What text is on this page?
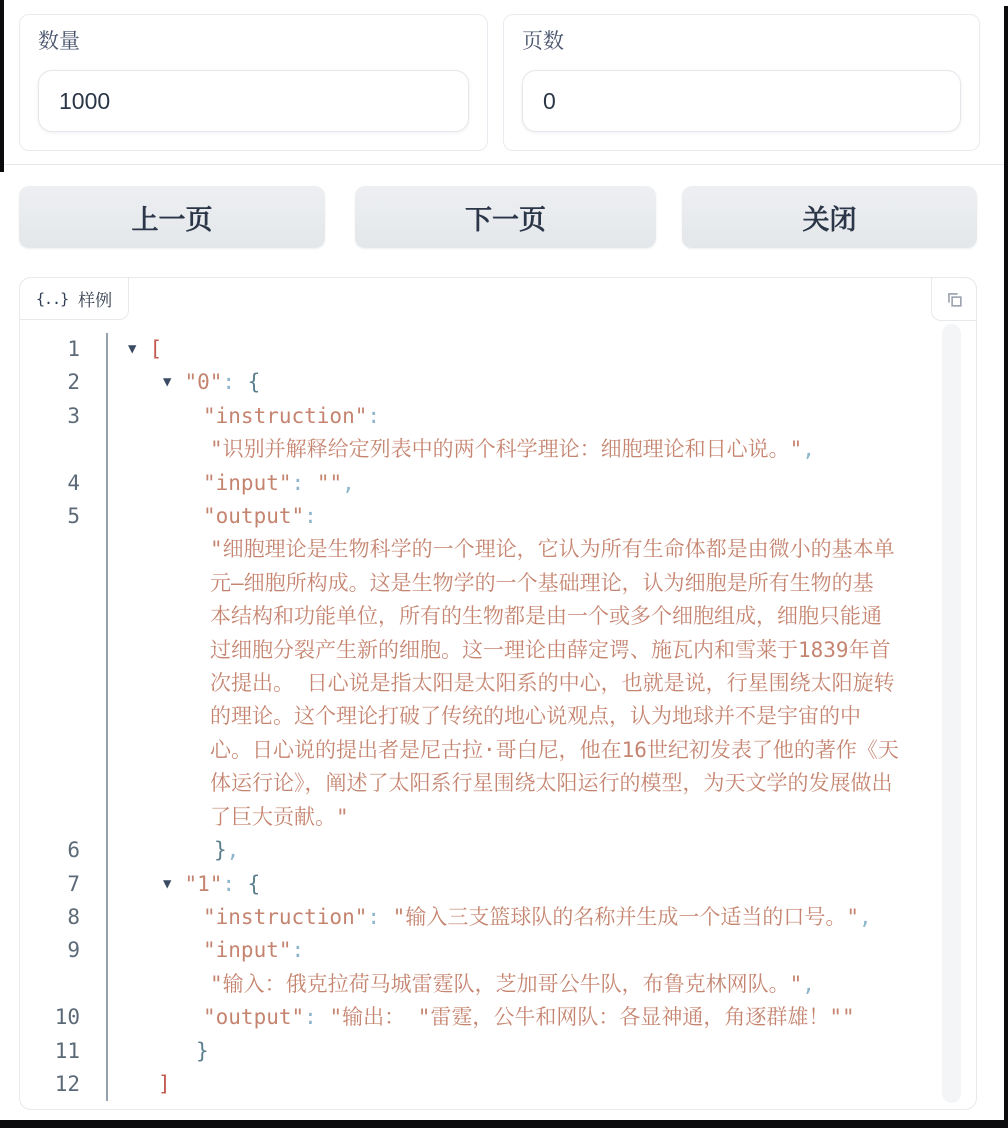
数量
1000	页数
0
上一页	下一页	关闭
{..} 样例
1	▼ [
2	▼ "0": {
3	"instruction":
"识别并解释给定列表中的两个科学理论：细胞理论和日心说。",
4	"input": "",
5	"output":
"细胞理论是生物科学的一个理论，它认为所有生命体都是由微小的基本单
元—细胞所构成。这是生物学的一个基础理论，认为细胞是所有生物的基
本结构和功能单位，所有的生物都是由一个或多个细胞组成，细胞只能通
过细胞分裂产生新的细胞。这一理论由薛定谔、施瓦内和雪莱于1839年首
次提出。 日心说是指太阳是太阳系的中心，也就是说，行星围绕太阳旋转
的理论。这个理论打破了传统的地心说观点，认为地球并不是宇宙的中
心。日心说的提出者是尼古拉·哥白尼，他在16世纪初发表了他的著作《天
体运行论》，阐述了太阳系行星围绕太阳运行的模型，为天文学的发展做出
了巨大贡献。"
6	},
7	▼ "1": {
8	"instruction": "输入三支篮球队的名称并生成一个适当的口号。",
9	"input":
"输入：俄克拉荷马城雷霆队，芝加哥公牛队，布鲁克林网队。",
10	"output": "输出： "雷霆，公牛和网队：各显神通，角逐群雄！""
11	}
12	]
